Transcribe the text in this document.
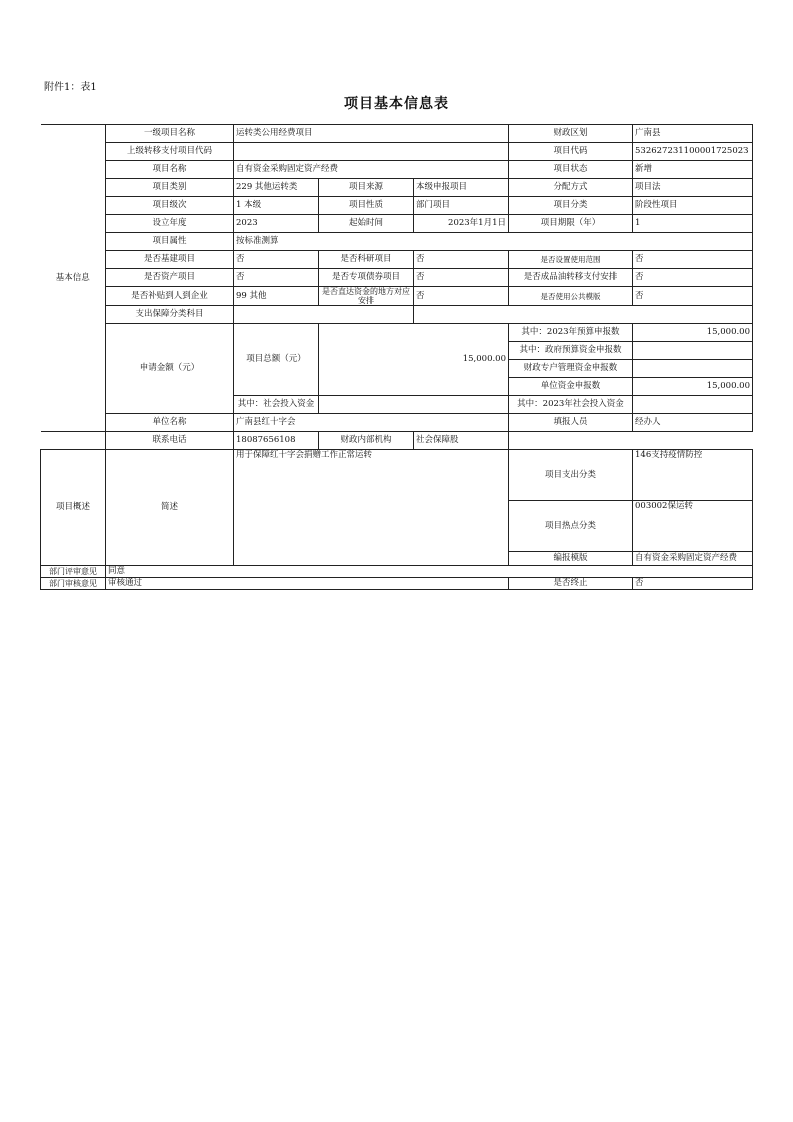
附件1：表1
项目基本信息表
基本信息	一级项目名称	运转类公用经费项目			财政区划	广南县
	上级转移支付项目代码				项目代码	53262723110000172502З
	项目名称	自有资金采购固定资产经费			项目状态	新增
	项目类别	229 其他运转类	项目来源	本级申报项目	分配方式	项目法
	项目级次	1 本级	项目性质	部门项目	项目分类	阶段性项目
	设立年度	2023	起始时间	2023年1月1日	项目期限（年）	1
	项目属性	按标准测算				
	是否基建项目	否	是否科研项目	否	是否设置使用范围	否
	是否资产项目	否	是否专项债券项目	否	是否成品油转移支付安排	否
	是否补贴到人到企业	99 其他	是否直达资金的地方对应安排	否	是否使用公共模版	否
	支出保障分类科目					
	申请金额（元）	项目总额（元）	15,000.00		其中：2023年预算申报数	15,000.00
					其中：政府预算资金申报数	
					财政专户管理资金申报数	
					单位资金申报数	15,000.00
		其中：社会投入资金			其中：2023年社会投入资金	
	单位名称	广南县红十字会			填报人员	经办人
	联系电话	18087656108	财政内部机构	社会保障股		
项目概述	简述	用于保障红十字会捐赠工作正常运转			项目支出分类	146支持疫情防控
					项目热点分类	003002保运转
					编报模版	自有资金采购固定资产经费
部门评审意见	同意					
部门审核意见	审核通过				是否终止	否
